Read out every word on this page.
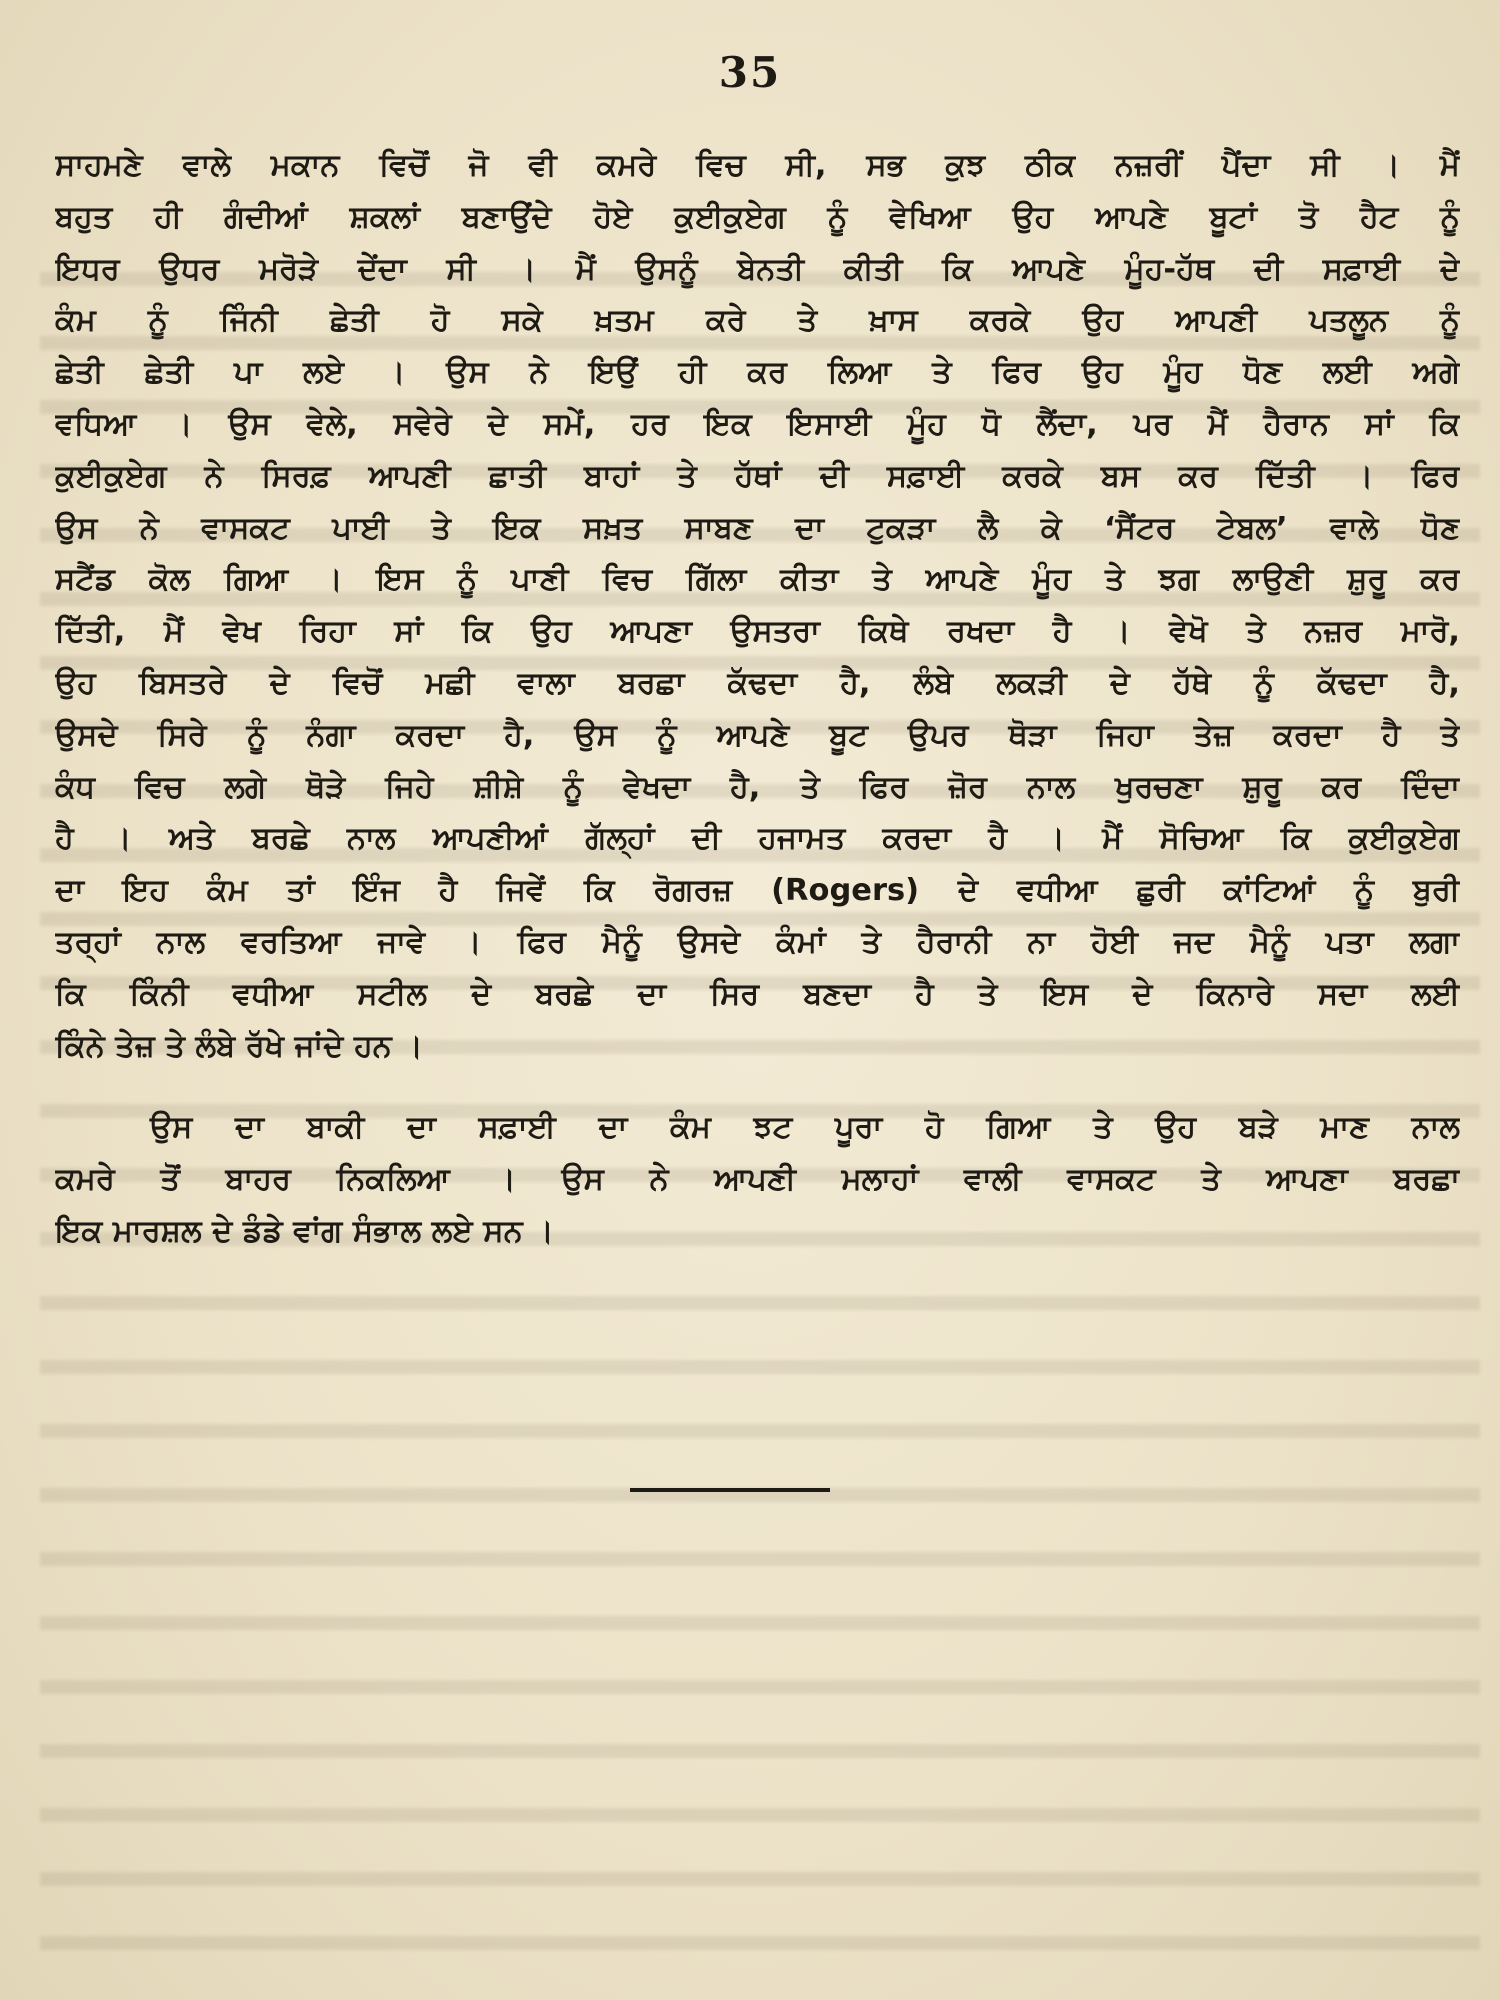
35
ਸਾਹਮਣੇ ਵਾਲੇ ਮਕਾਨ ਵਿਚੋਂ ਜੋ ਵੀ ਕਮਰੇ ਵਿਚ ਸੀ, ਸਭ ਕੁਝ ਠੀਕ ਨਜ਼ਰੀਂ ਪੈਂਦਾ ਸੀ । ਮੈਂ
ਬਹੁਤ ਹੀ ਗੰਦੀਆਂ ਸ਼ਕਲਾਂ ਬਣਾਉਂਦੇ ਹੋਏ ਕੁਈਕੁਏਗ ਨੂੰ ਵੇਖਿਆ ਉਹ ਆਪਣੇ ਬੂਟਾਂ ਤੋ ਹੈਟ ਨੂੰ
ਇਧਰ ਉਧਰ ਮਰੋੜੇ ਦੇਂਦਾ ਸੀ । ਮੈਂ ਉਸਨੂੰ ਬੇਨਤੀ ਕੀਤੀ ਕਿ ਆਪਣੇ ਮੂੰਹ-ਹੱਥ ਦੀ ਸਫ਼ਾਈ ਦੇ
ਕੰਮ ਨੂੰ ਜਿੰਨੀ ਛੇਤੀ ਹੋ ਸਕੇ ਖ਼ਤਮ ਕਰੇ ਤੇ ਖ਼ਾਸ ਕਰਕੇ ਉਹ ਆਪਣੀ ਪਤਲੂਨ ਨੂੰ
ਛੇਤੀ ਛੇਤੀ ਪਾ ਲਏ । ਉਸ ਨੇ ਇਉਂ ਹੀ ਕਰ ਲਿਆ ਤੇ ਫਿਰ ਉਹ ਮੂੰਹ ਧੋਣ ਲਈ ਅਗੇ
ਵਧਿਆ । ਉਸ ਵੇਲੇ, ਸਵੇਰੇ ਦੇ ਸਮੇਂ, ਹਰ ਇਕ ਇਸਾਈ ਮੂੰਹ ਧੋ ਲੈਂਦਾ, ਪਰ ਮੈਂ ਹੈਰਾਨ ਸਾਂ ਕਿ
ਕੁਈਕੁਏਗ ਨੇ ਸਿਰਫ਼ ਆਪਣੀ ਛਾਤੀ ਬਾਹਾਂ ਤੇ ਹੱਥਾਂ ਦੀ ਸਫ਼ਾਈ ਕਰਕੇ ਬਸ ਕਰ ਦਿੱਤੀ । ਫਿਰ
ਉਸ ਨੇ ਵਾਸਕਟ ਪਾਈ ਤੇ ਇਕ ਸਖ਼ਤ ਸਾਬਣ ਦਾ ਟੁਕੜਾ ਲੈ ਕੇ ‘ਸੈਂਟਰ ਟੇਬਲ’ ਵਾਲੇ ਧੋਣ
ਸਟੈਂਡ ਕੋਲ ਗਿਆ । ਇਸ ਨੂੰ ਪਾਣੀ ਵਿਚ ਗਿੱਲਾ ਕੀਤਾ ਤੇ ਆਪਣੇ ਮੂੰਹ ਤੇ ਝਗ ਲਾਉਣੀ ਸ਼ੁਰੂ ਕਰ
ਦਿੱਤੀ, ਮੈਂ ਵੇਖ ਰਿਹਾ ਸਾਂ ਕਿ ਉਹ ਆਪਣਾ ਉਸਤਰਾ ਕਿਥੇ ਰਖਦਾ ਹੈ । ਵੇਖੋ ਤੇ ਨਜ਼ਰ ਮਾਰੋ,
ਉਹ ਬਿਸਤਰੇ ਦੇ ਵਿਚੋਂ ਮਛੀ ਵਾਲਾ ਬਰਛਾ ਕੱਢਦਾ ਹੈ, ਲੰਬੇ ਲਕੜੀ ਦੇ ਹੱਥੇ ਨੂੰ ਕੱਢਦਾ ਹੈ,
ਉਸਦੇ ਸਿਰੇ ਨੂੰ ਨੰਗਾ ਕਰਦਾ ਹੈ, ਉਸ ਨੂੰ ਆਪਣੇ ਬੂਟ ਉਪਰ ਥੋੜਾ ਜਿਹਾ ਤੇਜ਼ ਕਰਦਾ ਹੈ ਤੇ
ਕੰਧ ਵਿਚ ਲਗੇ ਥੋੜੇ ਜਿਹੇ ਸ਼ੀਸ਼ੇ ਨੂੰ ਵੇਖਦਾ ਹੈ, ਤੇ ਫਿਰ ਜ਼ੋਰ ਨਾਲ ਖੁਰਚਣਾ ਸ਼ੁਰੂ ਕਰ ਦਿੰਦਾ
ਹੈ । ਅਤੇ ਬਰਛੇ ਨਾਲ ਆਪਣੀਆਂ ਗੱਲ੍ਹਾਂ ਦੀ ਹਜਾਮਤ ਕਰਦਾ ਹੈ । ਮੈਂ ਸੋਚਿਆ ਕਿ ਕੁਈਕੁਏਗ
ਦਾ ਇਹ ਕੰਮ ਤਾਂ ਇੰਜ ਹੈ ਜਿਵੇਂ ਕਿ ਰੋਗਰਜ਼ (Rogers) ਦੇ ਵਧੀਆ ਛੁਰੀ ਕਾਂਟਿਆਂ ਨੂੰ ਬੁਰੀ
ਤਰ੍ਹਾਂ ਨਾਲ ਵਰਤਿਆ ਜਾਵੇ । ਫਿਰ ਮੈਨੂੰ ਉਸਦੇ ਕੰਮਾਂ ਤੇ ਹੈਰਾਨੀ ਨਾ ਹੋਈ ਜਦ ਮੈਨੂੰ ਪਤਾ ਲਗਾ
ਕਿ ਕਿੰਨੀ ਵਧੀਆ ਸਟੀਲ ਦੇ ਬਰਛੇ ਦਾ ਸਿਰ ਬਣਦਾ ਹੈ ਤੇ ਇਸ ਦੇ ਕਿਨਾਰੇ ਸਦਾ ਲਈ
ਕਿੰਨੇ ਤੇਜ਼ ਤੇ ਲੰਬੇ ਰੱਖੇ ਜਾਂਦੇ ਹਨ ।
ਉਸ ਦਾ ਬਾਕੀ ਦਾ ਸਫ਼ਾਈ ਦਾ ਕੰਮ ਝਟ ਪੂਰਾ ਹੋ ਗਿਆ ਤੇ ਉਹ ਬੜੇ ਮਾਣ ਨਾਲ
ਕਮਰੇ ਤੋਂ ਬਾਹਰ ਨਿਕਲਿਆ । ਉਸ ਨੇ ਆਪਣੀ ਮਲਾਹਾਂ ਵਾਲੀ ਵਾਸਕਟ ਤੇ ਆਪਣਾ ਬਰਛਾ
ਇਕ ਮਾਰਸ਼ਲ ਦੇ ਡੰਡੇ ਵਾਂਗ ਸੰਭਾਲ ਲਏ ਸਨ ।
